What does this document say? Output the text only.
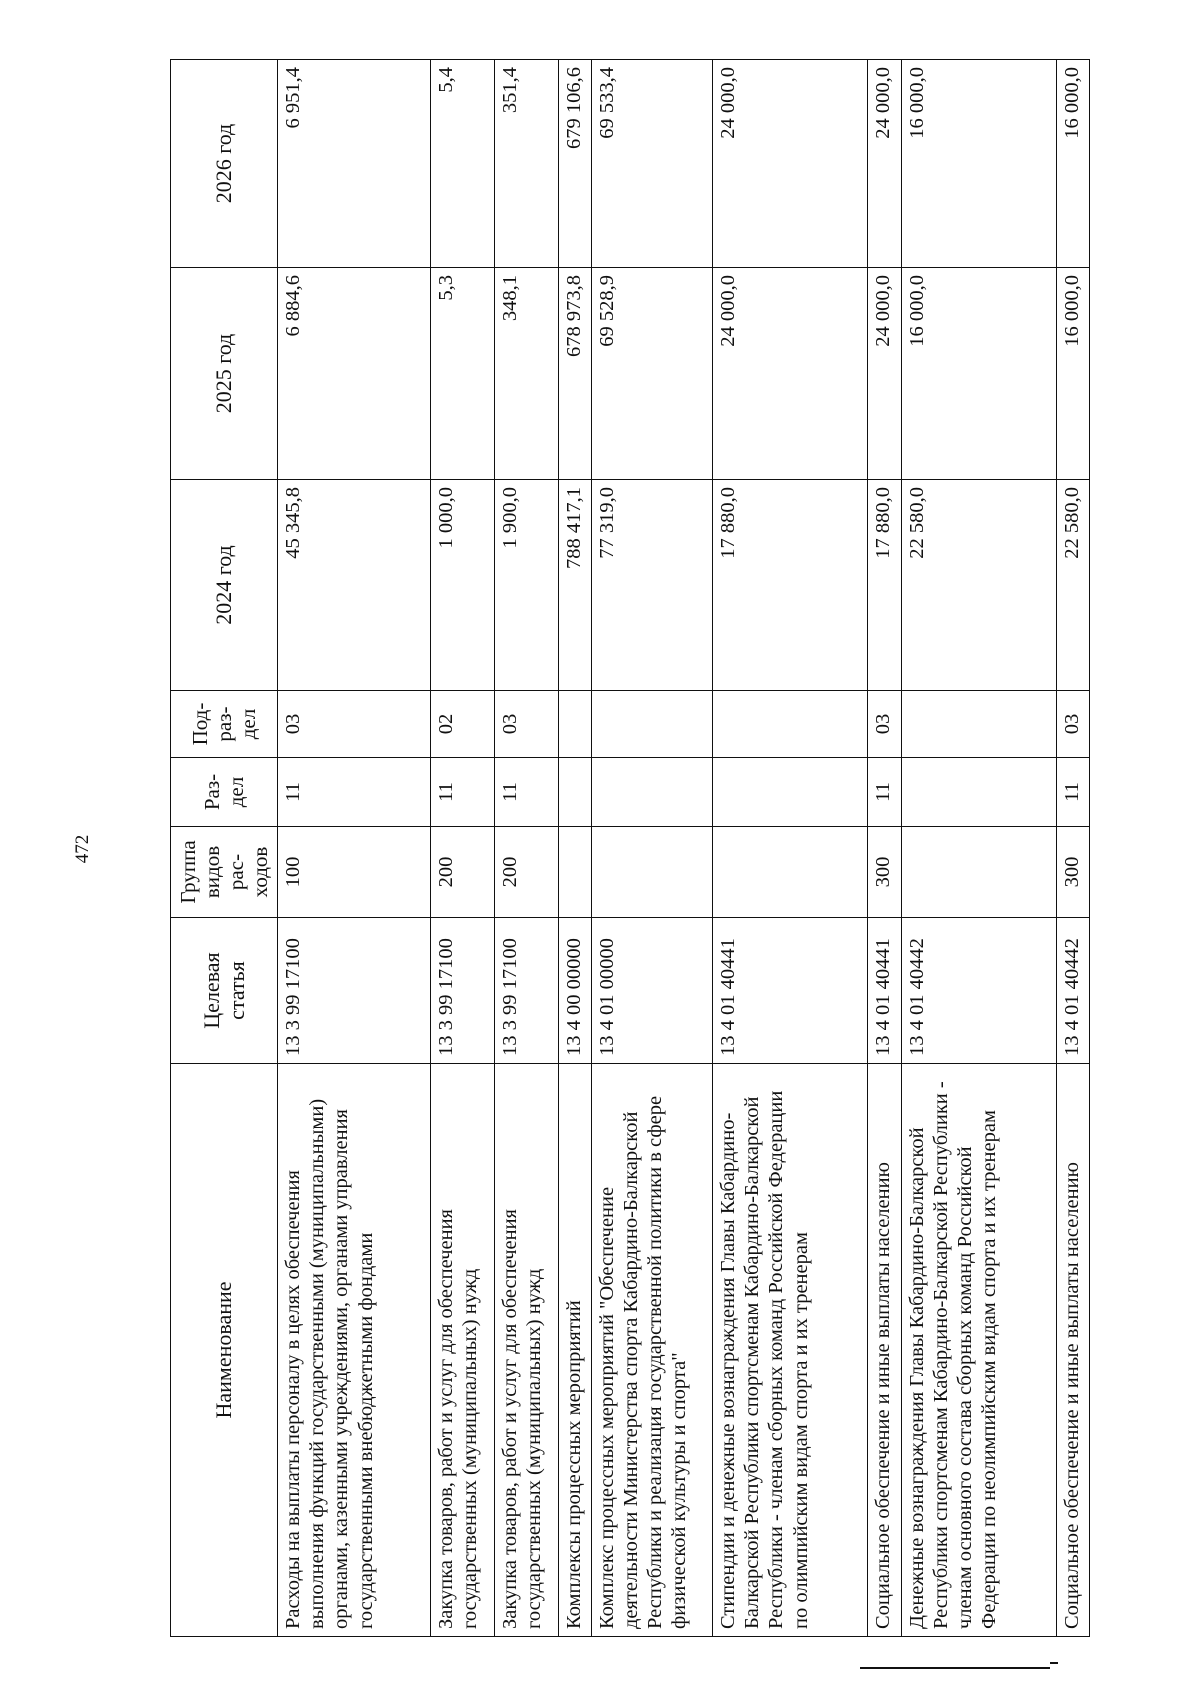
472
Наименование	Целевая статья	Группа видов рас- ходов	Раз- дел	Под- раз- дел	2024 год	2025 год	2026 год
Расходы на выплаты персоналу в целях обеспечения выполнения функций государственными (муниципальными) органами, казенными учреждениями, органами управления государственными внебюджетными фондами	13 3 99 17100	100	11	03	45 345,8	6 884,6	6 951,4
Закупка товаров, работ и услуг для обеспечения государственных (муниципальных) нужд	13 3 99 17100	200	11	02	1 000,0	5,3	5,4
Закупка товаров, работ и услуг для обеспечения государственных (муниципальных) нужд	13 3 99 17100	200	11	03	1 900,0	348,1	351,4
Комплексы процессных мероприятий	13 4 00 00000				788 417,1	678 973,8	679 106,6
Комплекс процессных мероприятий "Обеспечение деятельности Министерства спорта Кабардино-Балкарской Республики и реализация государственной политики в сфере физической культуры и спорта"	13 4 01 00000				77 319,0	69 528,9	69 533,4
Стипендии и денежные вознаграждения Главы Кабардино-Балкарской Республики спортсменам Кабардино-Балкарской Республики - членам сборных команд Российской Федерации по олимпийским видам спорта и их тренерам	13 4 01 40441				17 880,0	24 000,0	24 000,0
Социальное обеспечение и иные выплаты населению	13 4 01 40441	300	11	03	17 880,0	24 000,0	24 000,0
Денежные вознаграждения Главы Кабардино-Балкарской Республики спортсменам Кабардино-Балкарской Республики - членам основного состава сборных команд Российской Федерации по неолимпийским видам спорта и их тренерам	13 4 01 40442				22 580,0	16 000,0	16 000,0
Социальное обеспечение и иные выплаты населению	13 4 01 40442	300	11	03	22 580,0	16 000,0	16 000,0
